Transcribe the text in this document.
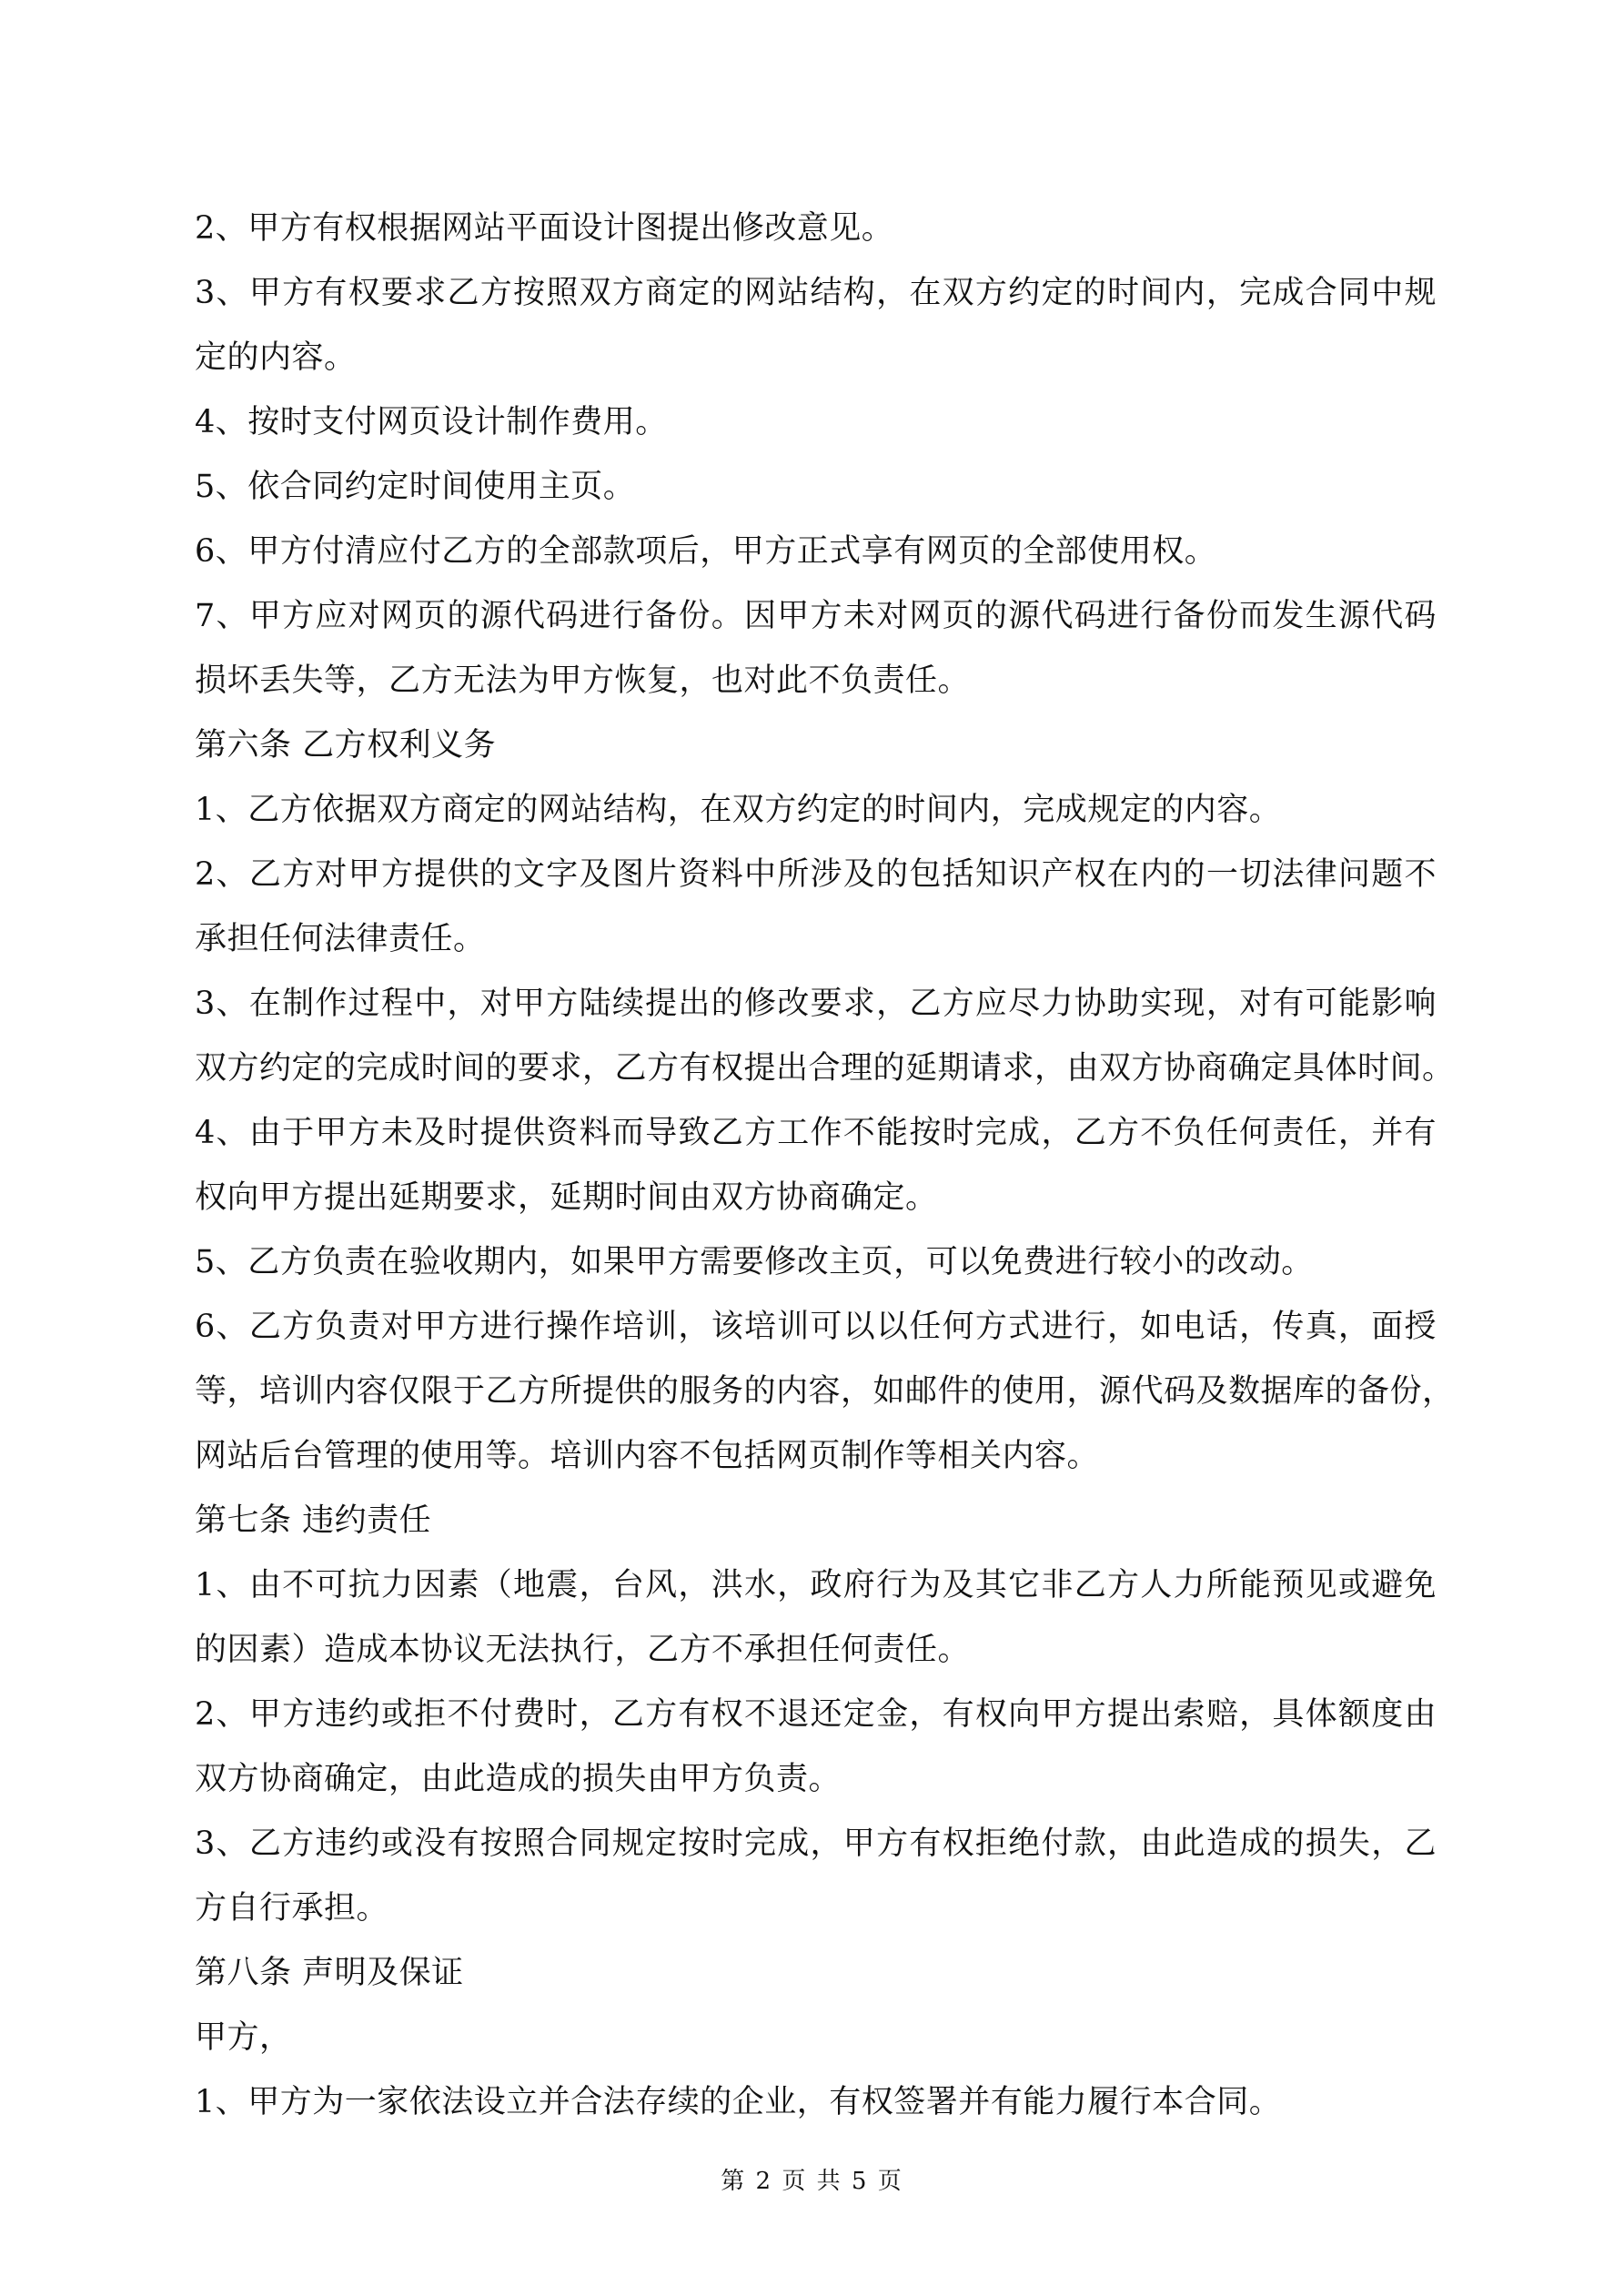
2、甲方有权根据网站平面设计图提出修改意见。
3、甲方有权要求乙方按照双方商定的网站结构，在双方约定的时间内，完成合同中规
定的内容。
4、按时支付网页设计制作费用。
5、依合同约定时间使用主页。
6、甲方付清应付乙方的全部款项后，甲方正式享有网页的全部使用权。
7、甲方应对网页的源代码进行备份。因甲方未对网页的源代码进行备份而发生源代码
损坏丢失等，乙方无法为甲方恢复，也对此不负责任。
第六条 乙方权利义务
1、乙方依据双方商定的网站结构，在双方约定的时间内，完成规定的内容。
2、乙方对甲方提供的文字及图片资料中所涉及的包括知识产权在内的一切法律问题不
承担任何法律责任。
3、在制作过程中，对甲方陆续提出的修改要求，乙方应尽力协助实现，对有可能影响
双方约定的完成时间的要求，乙方有权提出合理的延期请求，由双方协商确定具体时间。
4、由于甲方未及时提供资料而导致乙方工作不能按时完成，乙方不负任何责任，并有
权向甲方提出延期要求，延期时间由双方协商确定。
5、乙方负责在验收期内，如果甲方需要修改主页，可以免费进行较小的改动。
6、乙方负责对甲方进行操作培训，该培训可以以任何方式进行，如电话，传真，面授
等，培训内容仅限于乙方所提供的服务的内容，如邮件的使用，源代码及数据库的备份，
网站后台管理的使用等。培训内容不包括网页制作等相关内容。
第七条 违约责任
1、由不可抗力因素（地震，台风，洪水，政府行为及其它非乙方人力所能预见或避免
的因素）造成本协议无法执行，乙方不承担任何责任。
2、甲方违约或拒不付费时，乙方有权不退还定金，有权向甲方提出索赔，具体额度由
双方协商确定，由此造成的损失由甲方负责。
3、乙方违约或没有按照合同规定按时完成，甲方有权拒绝付款，由此造成的损失，乙
方自行承担。
第八条 声明及保证
甲方，
1、甲方为一家依法设立并合法存续的企业，有权签署并有能力履行本合同。
第 2 页 共 5 页
